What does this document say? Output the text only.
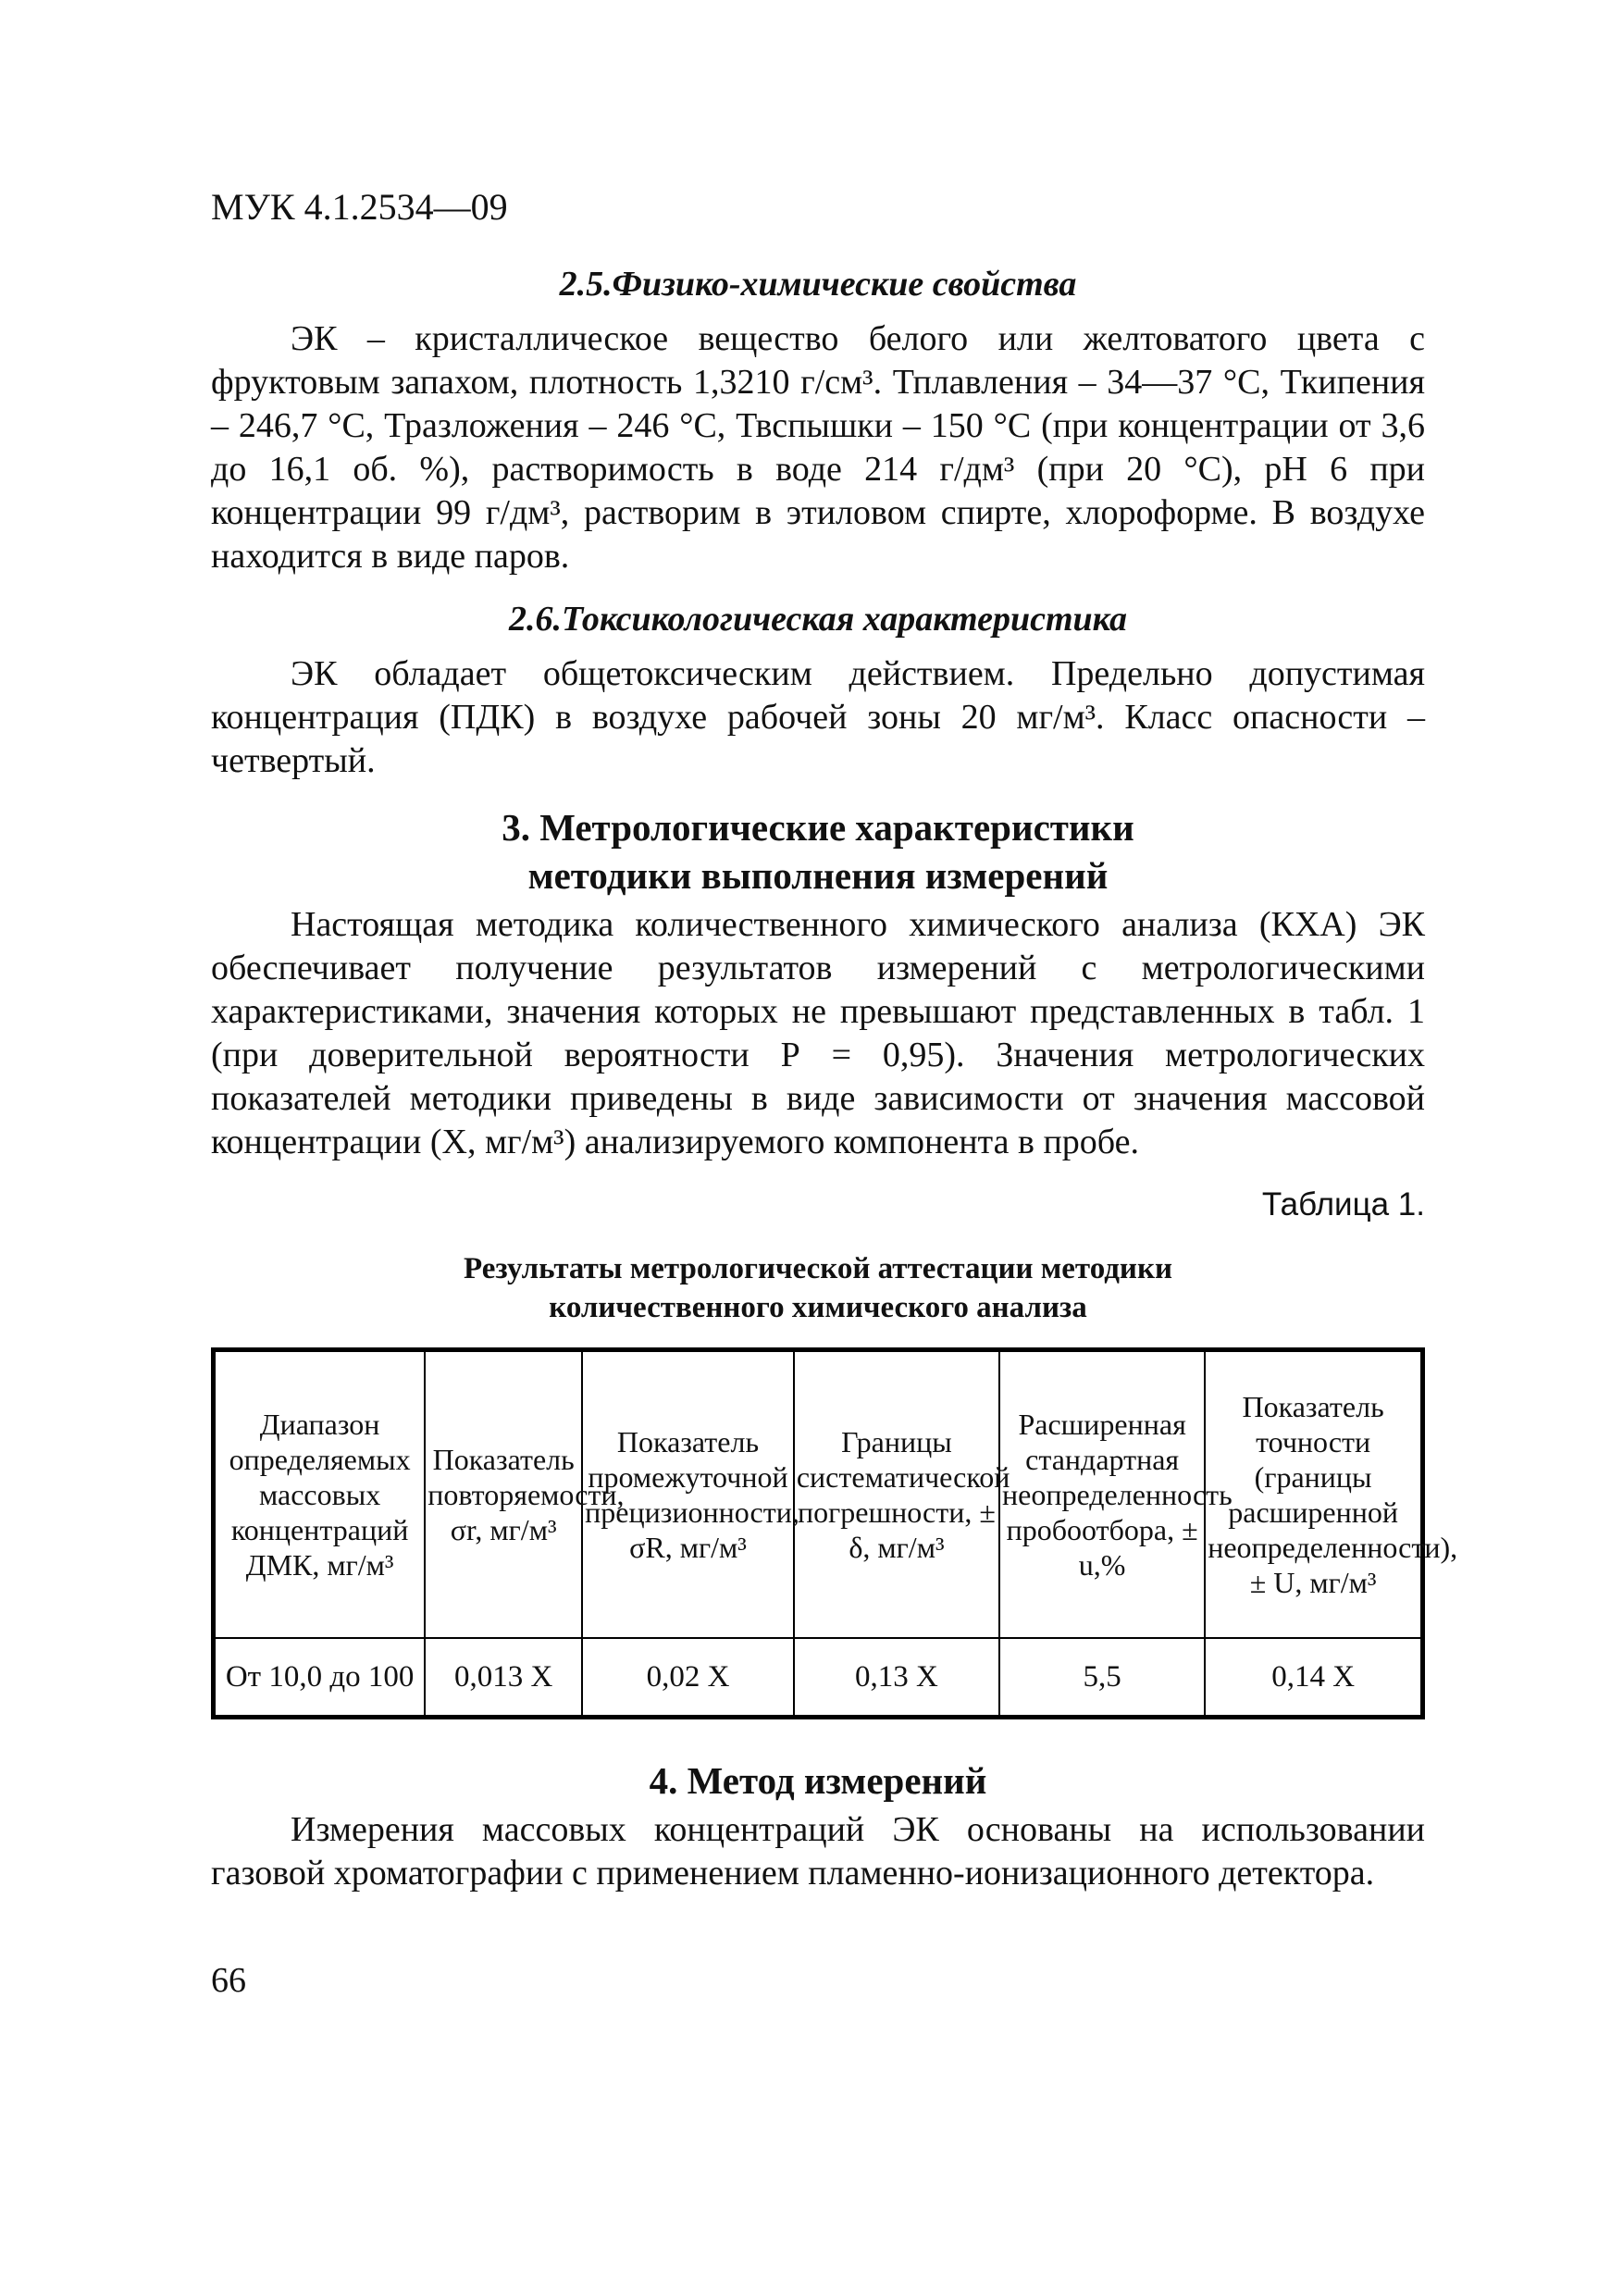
МУК 4.1.2534—09
2.5.Физико-химические свойства

ЭК – кристаллическое вещество белого или желтоватого цвета с фруктовым запахом, плотность 1,3210 г/см³. Тплавления – 34—37 °С, Ткипения – 246,7 °С, Тразложения – 246 °С, Твспышки – 150 °С (при концентрации от 3,6 до 16,1 об. %), растворимость в воде 214 г/дм³ (при 20 °С), pH 6 при концентрации 99 г/дм³, растворим в этиловом спирте, хлороформе. В воздухе находится в виде паров.

2.6.Токсикологическая характеристика

ЭК обладает общетоксическим действием. Предельно допустимая концентрация (ПДК) в воздухе рабочей зоны 20 мг/м³. Класс опасности – четвертый.

3. Метрологические характеристики
методики выполнения измерений

Настоящая методика количественного химического анализа (КХА) ЭК обеспечивает получение результатов измерений с метрологическими характеристиками, значения которых не превышают представленных в табл. 1 (при доверительной вероятности Р = 0,95). Значения метрологических показателей методики приведены в виде зависимости от значения массовой концентрации (Х, мг/м³) анализируемого компонента в пробе.

Таблица 1.
Результаты метрологической аттестации методики
количественного химического анализа
Диапазон определяемых массовых концентраций ДМК, мг/м³	Показатель повторяемости, σr, мг/м³	Показатель промежуточной прецизионности, σR, мг/м³	Границы систематической погрешности, ± δ, мг/м³	Расширенная стандартная неопределенность пробоотбора, ± u,%	Показатель точности (границы расширенной неопределенности), ± U, мг/м³
От 10,0 до 100	0,013 X	0,02 X	0,13 X	5,5	0,14 X
4. Метод измерений

Измерения массовых концентраций ЭК основаны на использовании газовой хроматографии с применением пламенно-ионизационного детектора.

66
